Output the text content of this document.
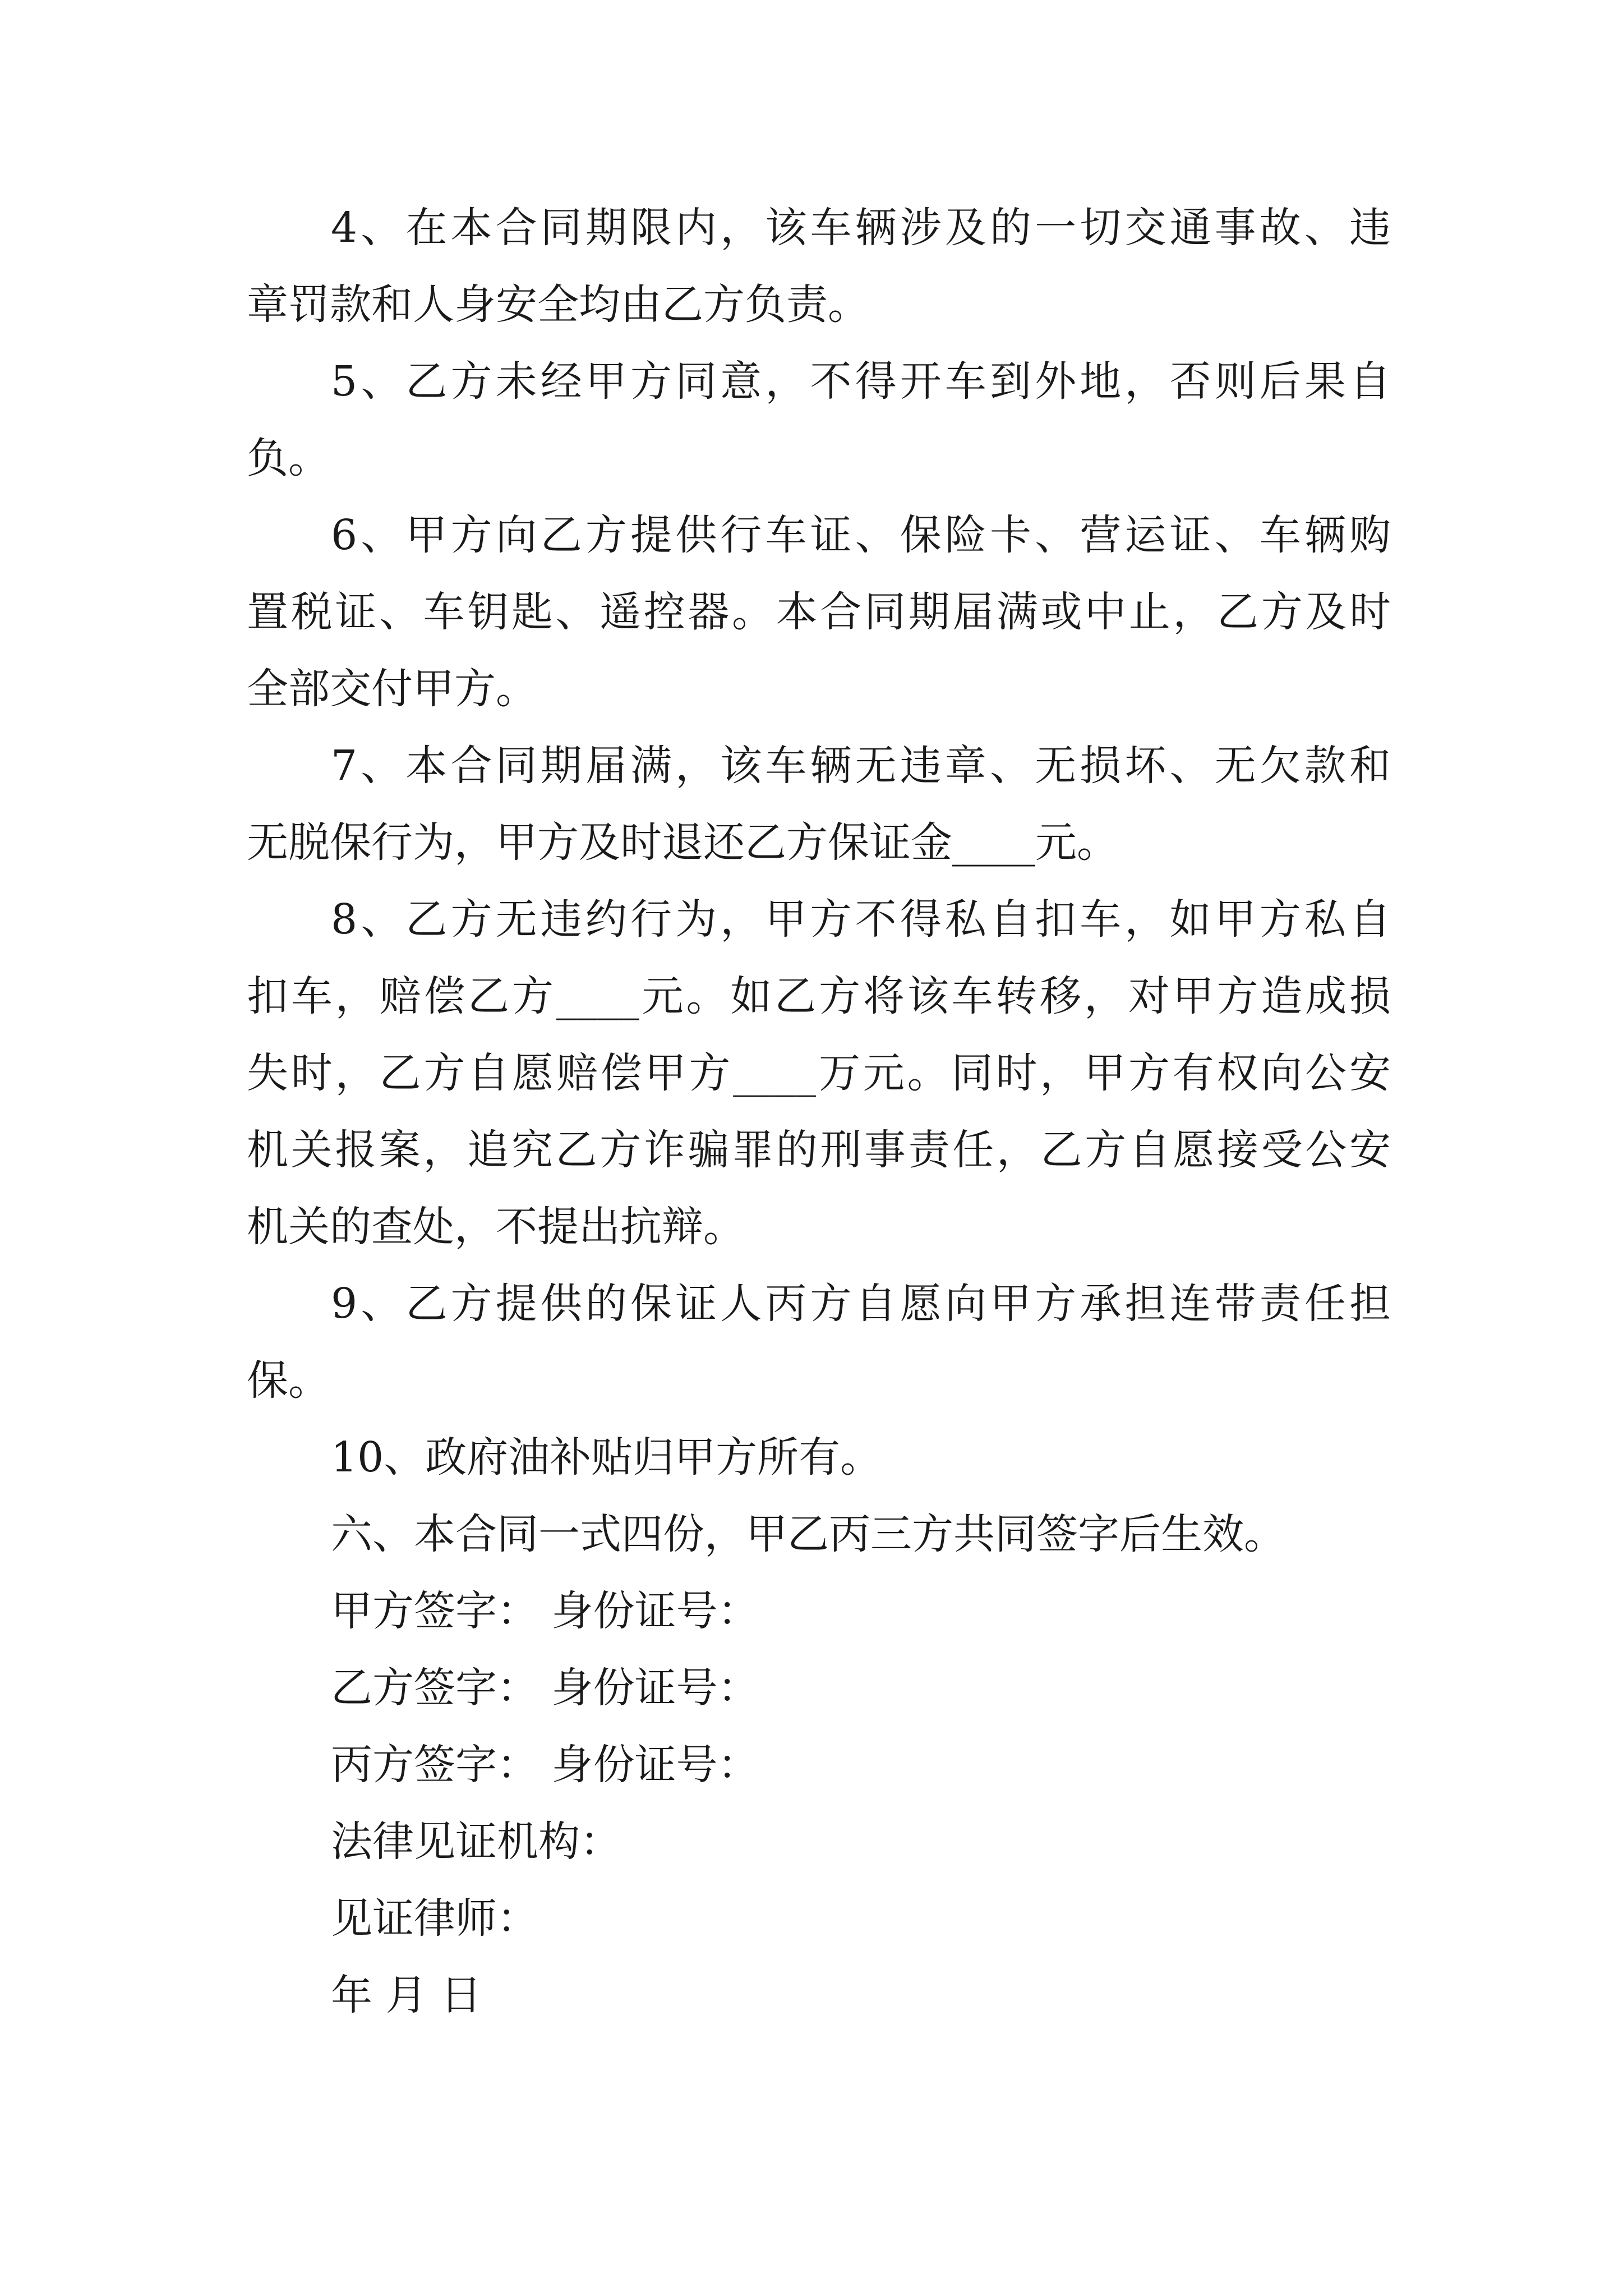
4、在本合同期限内，该车辆涉及的一切交通事故、违
章罚款和人身安全均由乙方负责。
5、乙方未经甲方同意，不得开车到外地，否则后果自
负。
6、甲方向乙方提供行车证、保险卡、营运证、车辆购
置税证、车钥匙、遥控器。本合同期届满或中止，乙方及时
全部交付甲方。
7、本合同期届满，该车辆无违章、无损坏、无欠款和
无脱保行为，甲方及时退还乙方保证金____元。
8、乙方无违约行为，甲方不得私自扣车，如甲方私自
扣车，赔偿乙方____元。如乙方将该车转移，对甲方造成损
失时，乙方自愿赔偿甲方____万元。同时，甲方有权向公安
机关报案，追究乙方诈骗罪的刑事责任，乙方自愿接受公安
机关的查处，不提出抗辩。
9、乙方提供的保证人丙方自愿向甲方承担连带责任担
保。
10、政府油补贴归甲方所有。
六、本合同一式四份，甲乙丙三方共同签字后生效。
甲方签字： 身份证号：
乙方签字： 身份证号：
丙方签字： 身份证号：
法律见证机构：
见证律师：
年 月 日
